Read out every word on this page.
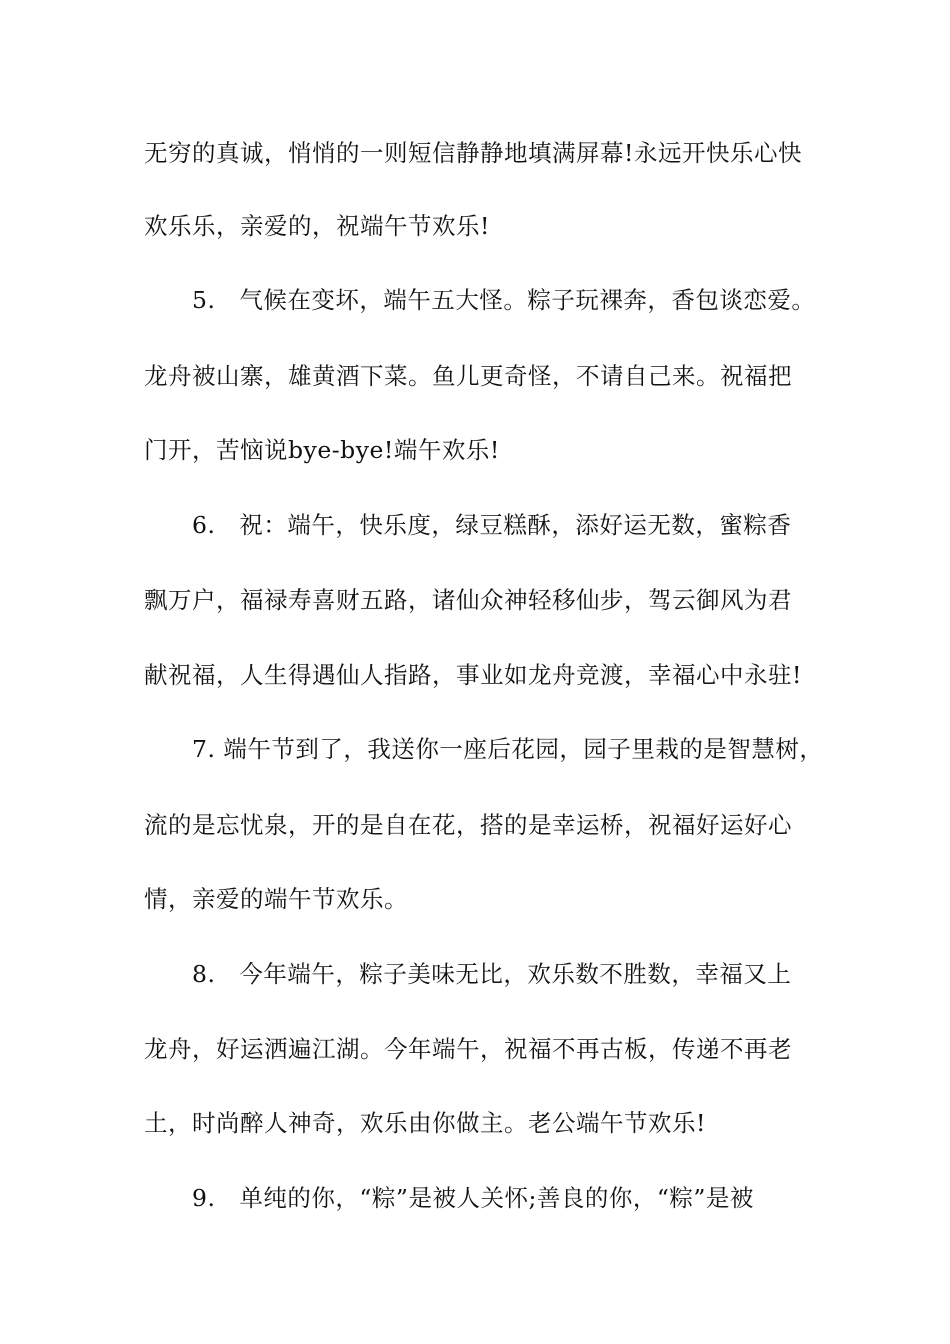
无穷的真诚，悄悄的一则短信静静地填满屏幕!永远开快乐心快
欢乐乐，亲爱的，祝端午节欢乐!
5.　气候在变坏，端午五大怪。粽子玩裸奔，香包谈恋爱。
龙舟被山寨，雄黄酒下菜。鱼儿更奇怪，不请自己来。祝福把
门开，苦恼说bye-bye!端午欢乐!
6.　祝：端午，快乐度，绿豆糕酥，添好运无数，蜜粽香
飘万户，福禄寿喜财五路，诸仙众神轻移仙步，驾云御风为君
献祝福，人生得遇仙人指路，事业如龙舟竞渡，幸福心中永驻!
7. 端午节到了，我送你一座后花园，园子里栽的是智慧树，
流的是忘忧泉，开的是自在花，搭的是幸运桥，祝福好运好心
情，亲爱的端午节欢乐。
8.　今年端午，粽子美味无比，欢乐数不胜数，幸福又上
龙舟，好运洒遍江湖。今年端午，祝福不再古板，传递不再老
土，时尚醉人神奇，欢乐由你做主。老公端午节欢乐!
9.　单纯的你，“粽”是被人关怀;善良的你，“粽”是被
